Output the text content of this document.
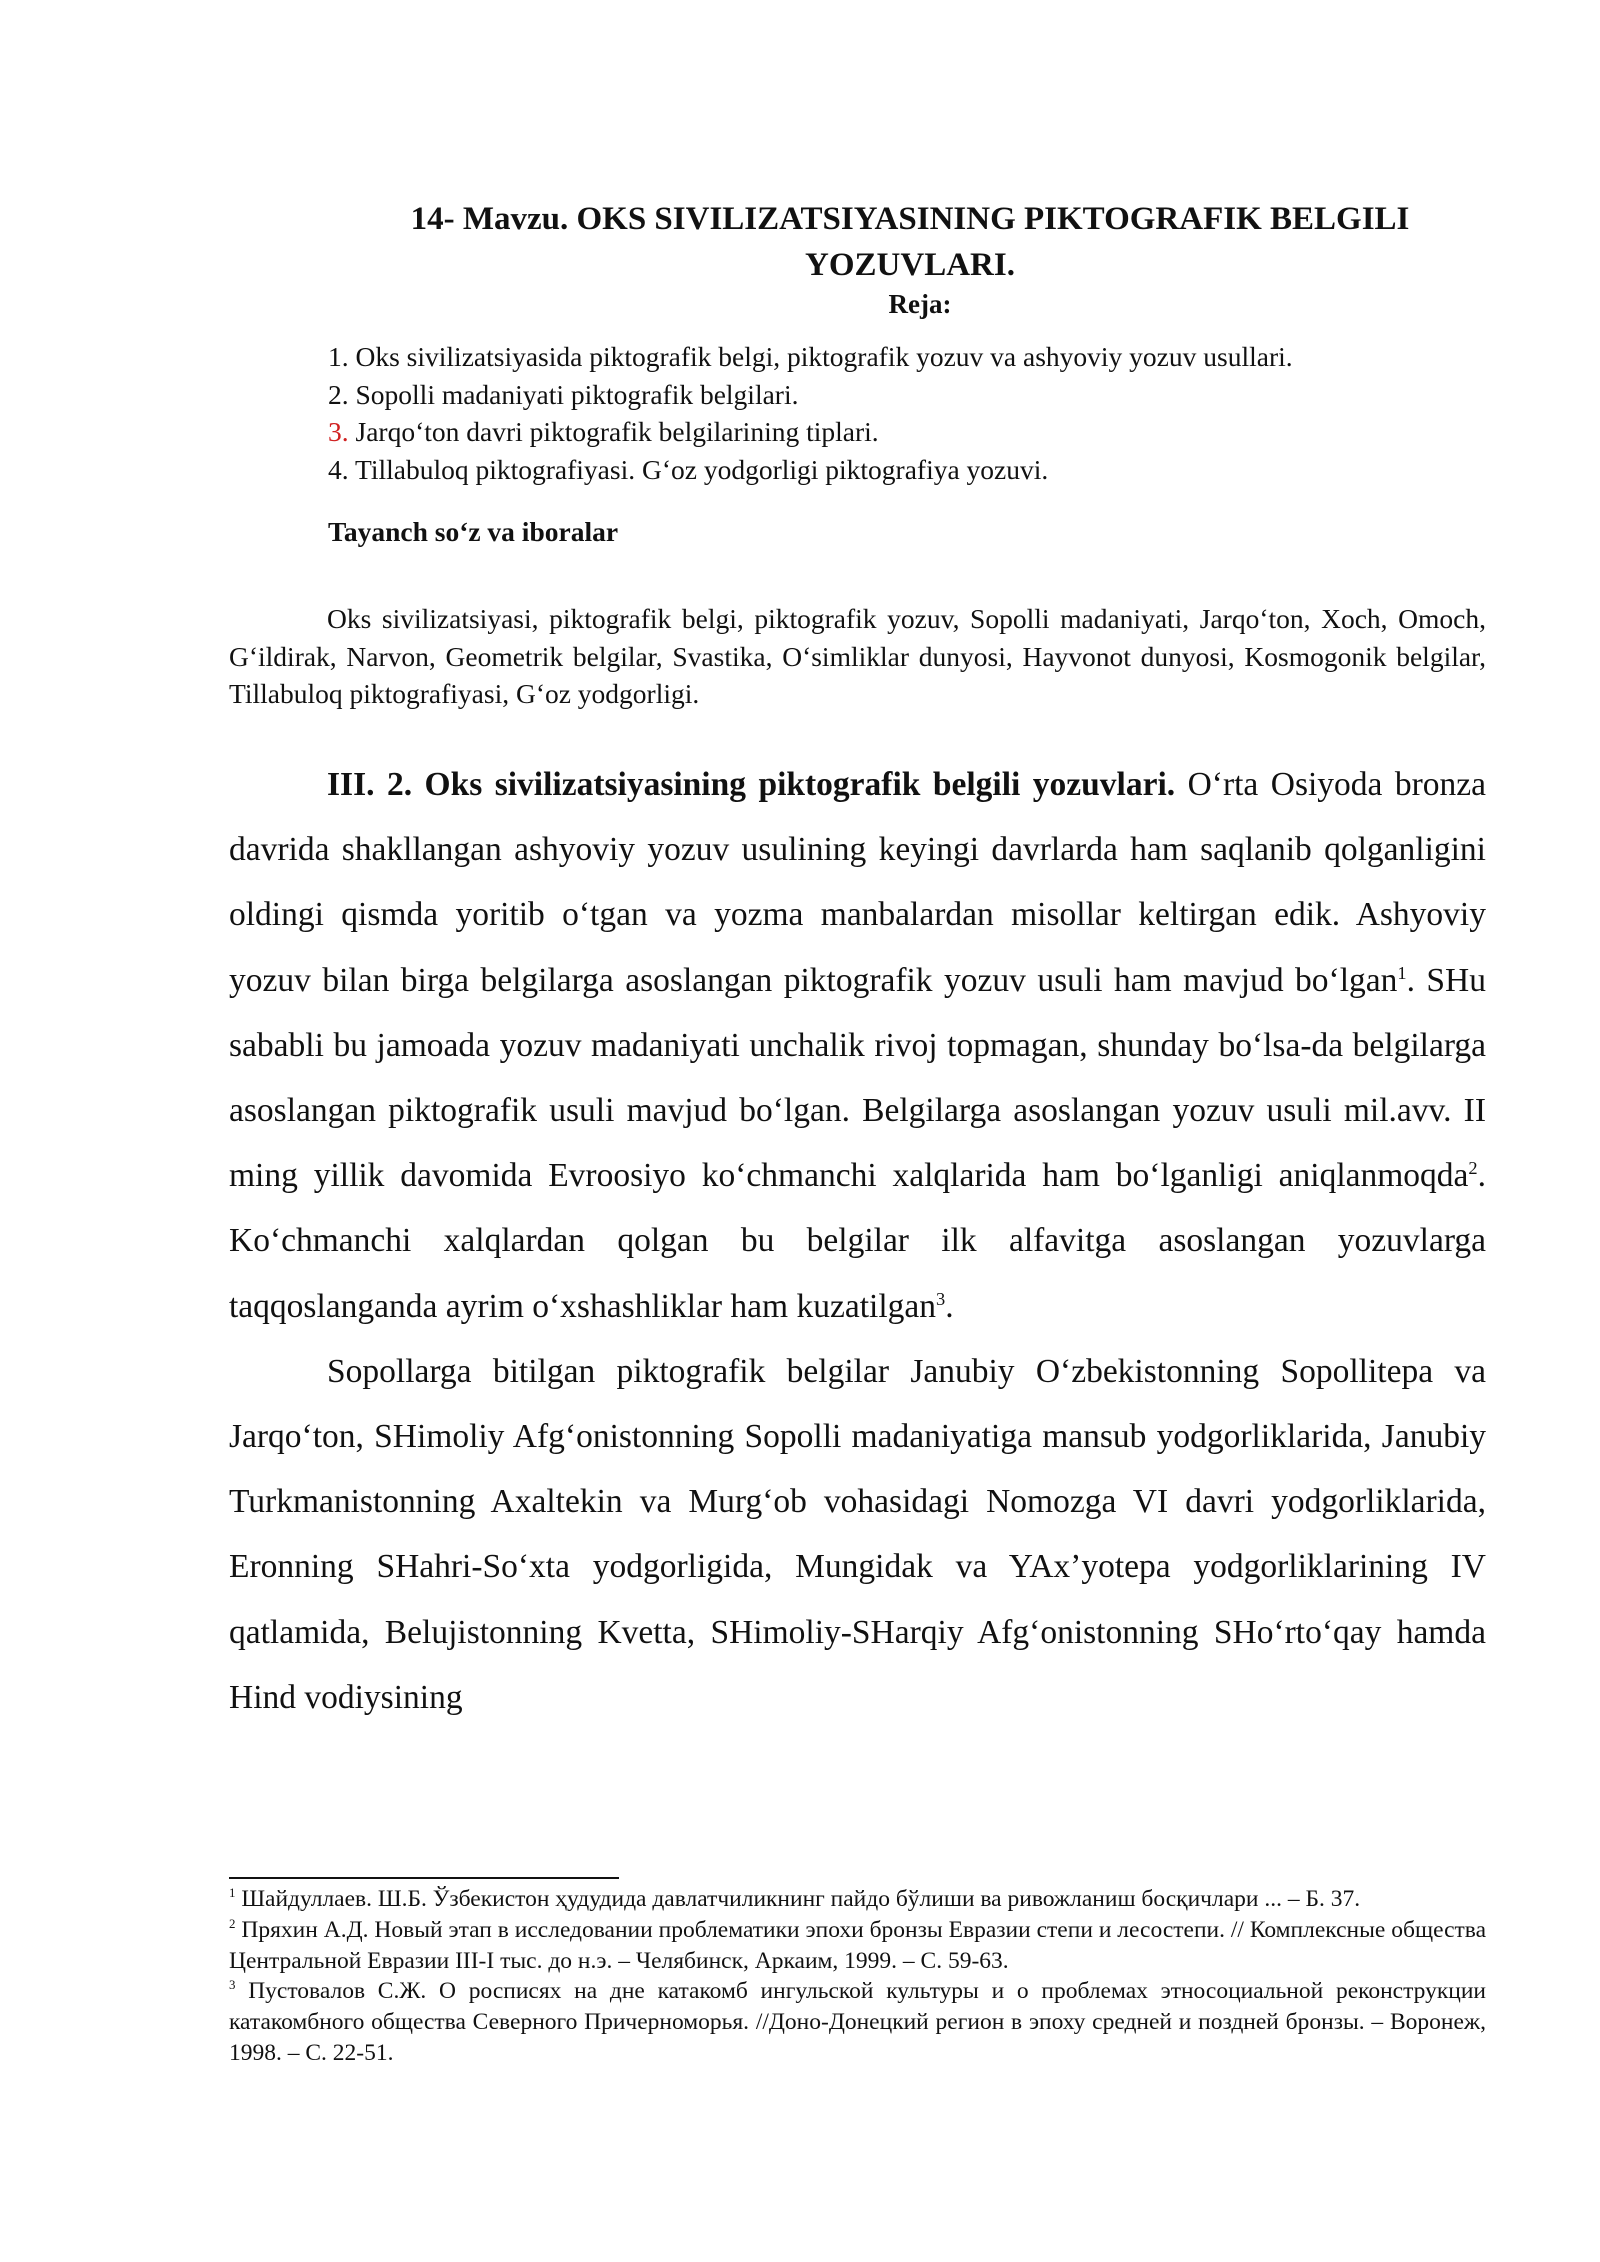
14- Mavzu. OKS SIVILIZATSIYASINING PIKTOGRAFIK BELGILI
YOZUVLARI.
Reja:
1. Oks sivilizatsiyasida piktografik belgi, piktografik yozuv va ashyoviy yozuv usullari.
2. Sopolli madaniyati piktografik belgilari.
3. Jarqo‘ton davri piktografik belgilarining tiplari.
4. Tillabuloq piktografiyasi. G‘oz yodgorligi piktografiya yozuvi.
Tayanch so‘z va iboralar
Oks sivilizatsiyasi, piktografik belgi, piktografik yozuv, Sopolli madaniyati, Jarqo‘ton, Xoch, Omoch, G‘ildirak, Narvon, Geometrik belgilar, Svastika, O‘simliklar dunyosi, Hayvonot dunyosi, Kosmogonik belgilar, Tillabuloq piktografiyasi, G‘oz yodgorligi.

III. 2. Oks sivilizatsiyasining piktografik belgili yozuvlari. O‘rta Osiyoda bronza davrida shakllangan ashyoviy yozuv usulining keyingi davrlarda ham saqlanib qolganligini oldingi qismda yoritib o‘tgan va yozma manbalardan misollar keltirgan edik. Ashyoviy yozuv bilan birga belgilarga asoslangan piktografik yozuv usuli ham mavjud bo‘lgan$^1$. SHu sababli bu jamoada yozuv madaniyati unchalik rivoj topmagan, shunday bo‘lsa-da belgilarga asoslangan piktografik usuli mavjud bo‘lgan. Belgilarga asoslangan yozuv usuli mil.avv. II ming yillik davomida Evroosiyo ko‘chmanchi xalqlarida ham bo‘lganligi aniqlanmoqda$^2$. Ko‘chmanchi xalqlardan qolgan bu belgilar ilk alfavitga asoslangan yozuvlarga taqqoslanganda ayrim o‘xshashliklar ham kuzatilgan$^3$.

Sopollarga bitilgan piktografik belgilar Janubiy O‘zbekistonning Sopollitepa va Jarqo‘ton, SHimoliy Afg‘onistonning Sopolli madaniyatiga mansub yodgorliklarida, Janubiy Turkmanistonning Axaltekin va Murg‘ob vohasidagi Nomozga VI davri yodgorliklarida, Eronning SHahri-So‘xta yodgorligida, Mungidak va YAx’yotepa yodgorliklarining IV qatlamida, Belujistonning Kvetta, SHimoliy-SHarqiy Afg‘onistonning SHo‘rto‘qay hamda Hind vodiysining

$^1$ Шайдуллаев. Ш.Б. Ўзбекистон ҳудудида давлатчиликнинг пайдо бўлиши ва ривожланиш босқичлари ... – Б. 37.

$^2$ Пряхин А.Д. Новый этап в исследовании проблематики эпохи бронзы Евразии степи и лесостепи. // Комплексные общества Центральной Евразии III-I тыс. до н.э. – Челябинск, Аркаим, 1999. – С. 59-63.

$^3$ Пустовалов С.Ж. О росписях на дне катакомб ингульской культуры и о проблемах этносоциальной реконструкции катакомбного общества Северного Причерноморья. //Доно-Донецкий регион в эпоху средней и поздней бронзы. – Воронеж, 1998. – С. 22-51.
